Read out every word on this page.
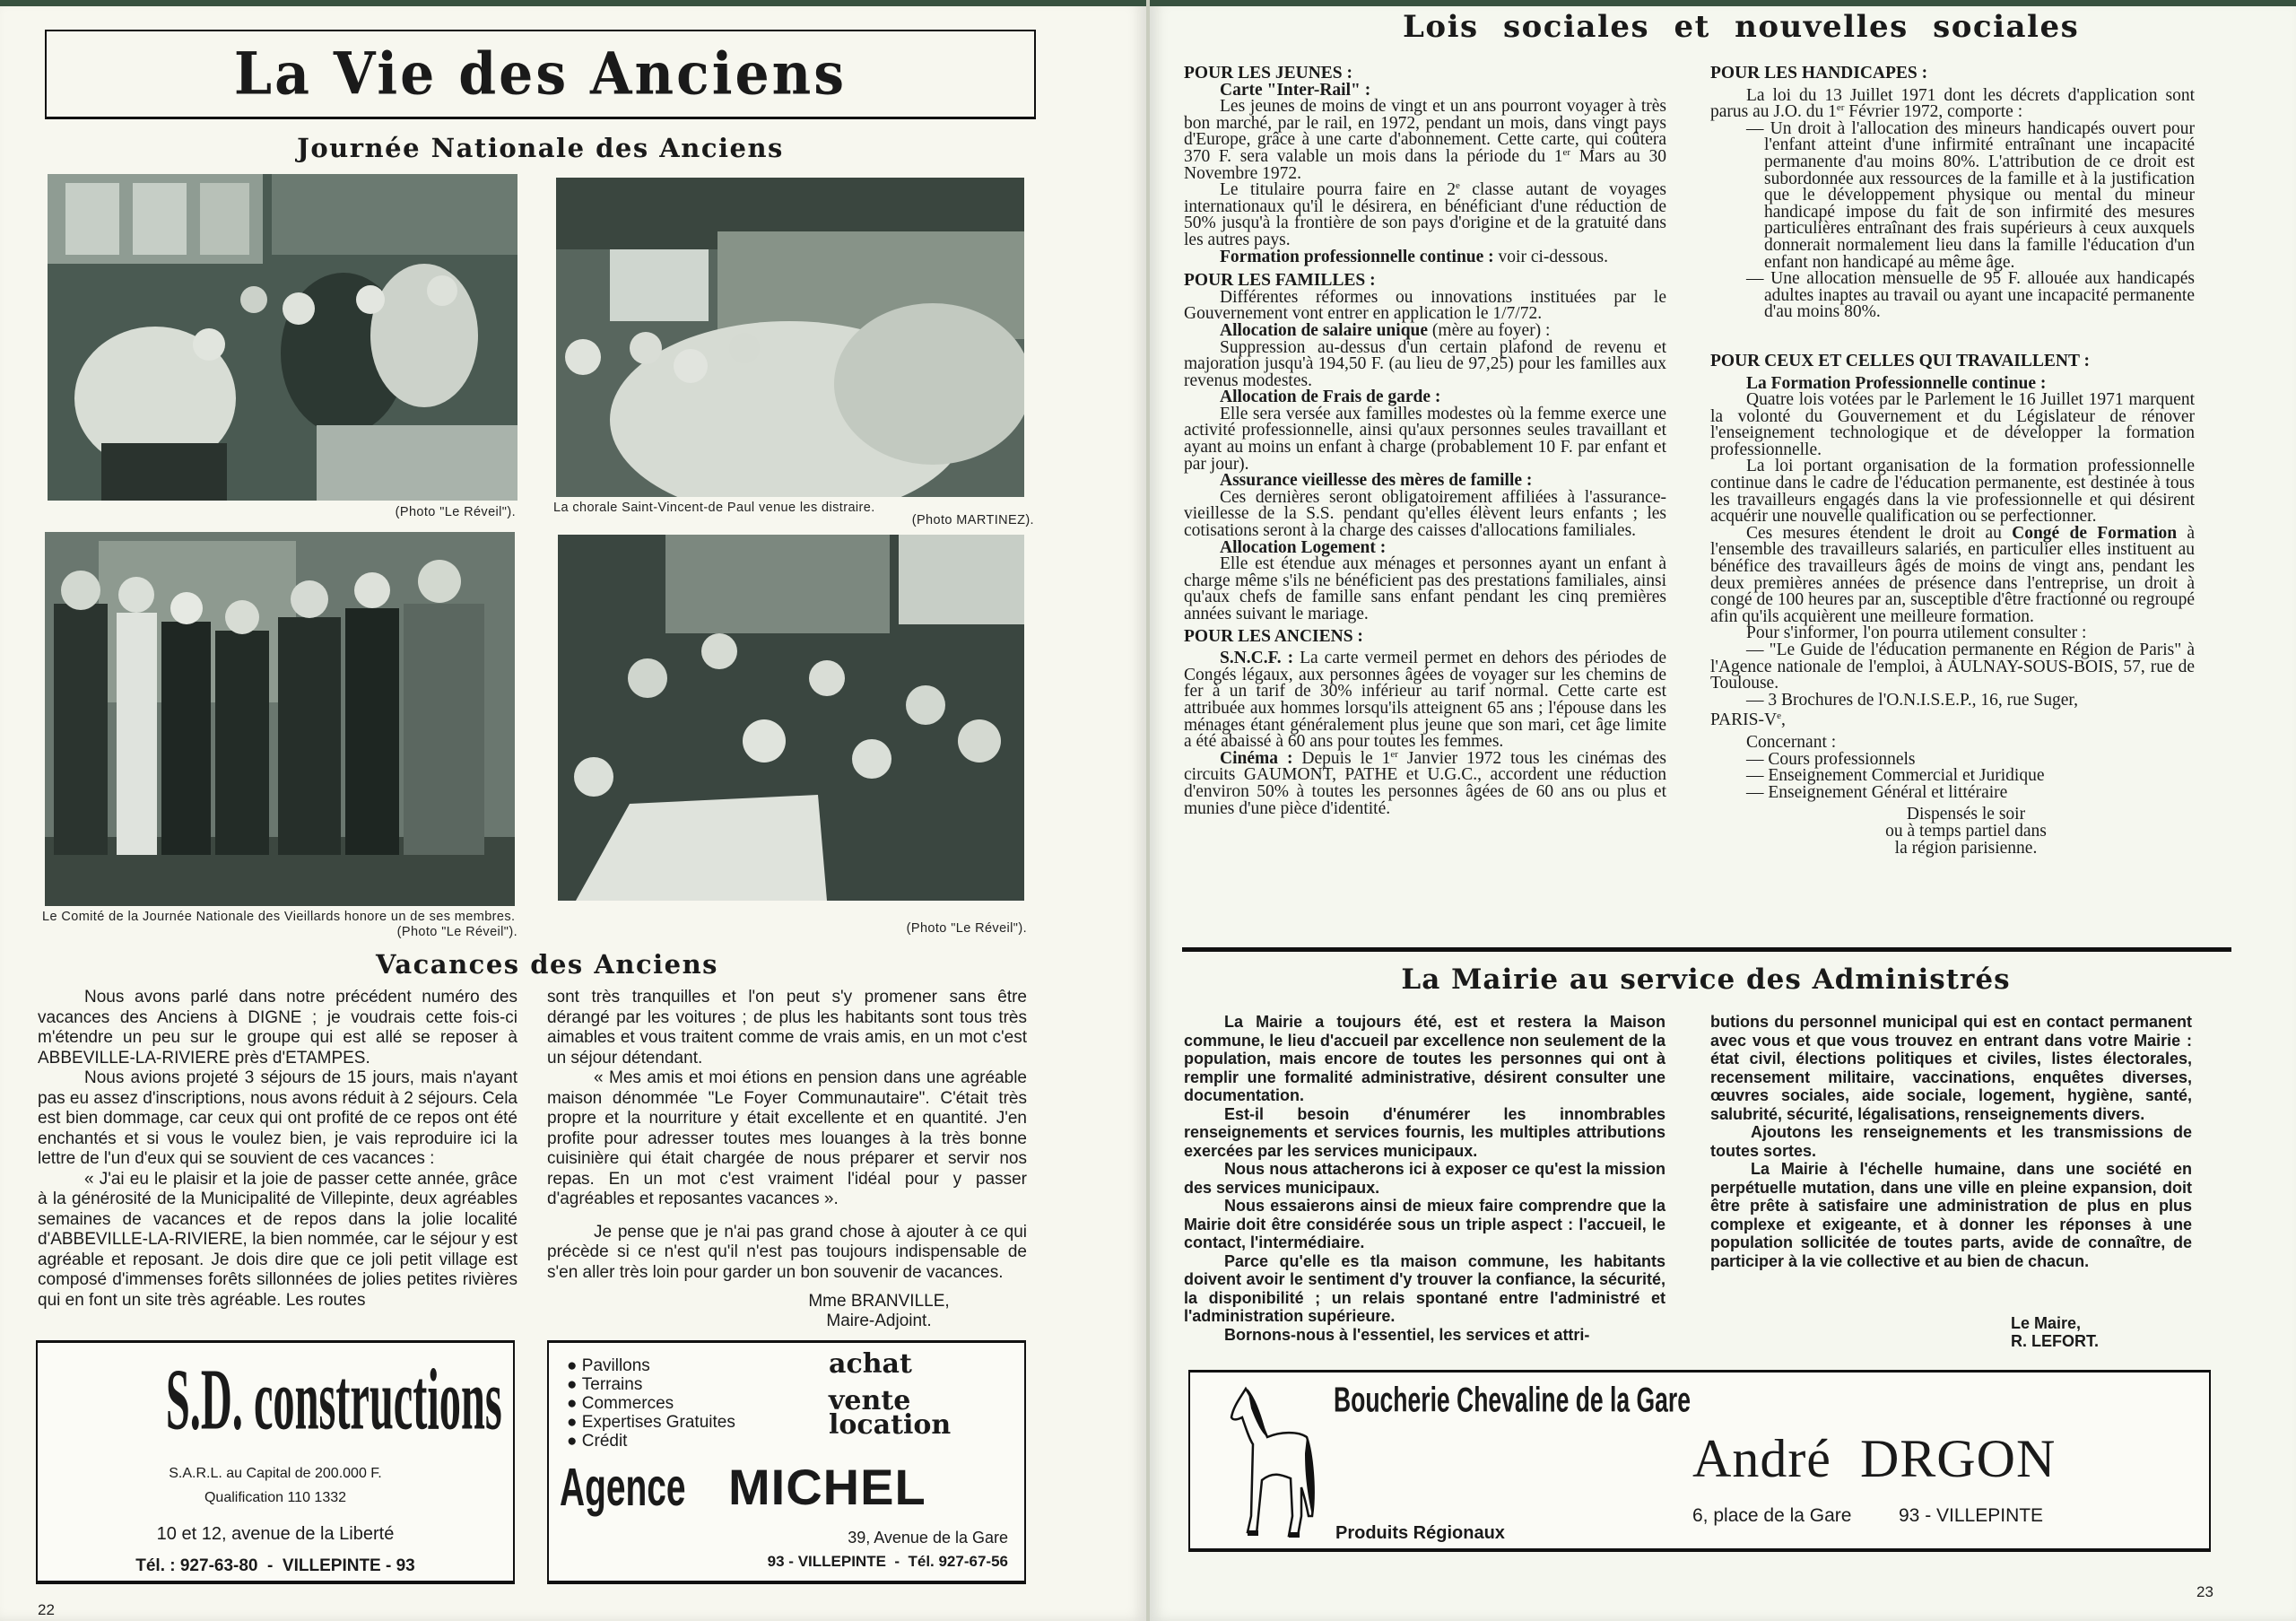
La Vie des Anciens
Journée Nationale des Anciens
(Photo "Le Réveil").	La chorale Saint-Vincent-de Paul venue les distraire.
(Photo MARTINEZ).
Le Comité de la Journée Nationale des Vieillards honore un de ses membres.
(Photo "Le Réveil").	(Photo "Le Réveil").
Vacances des Anciens

Nous avons parlé dans notre précédent numéro des vacances des Anciens à DIGNE ; je voudrais cette fois-ci m'étendre un peu sur le groupe qui est allé se reposer à ABBEVILLE-LA-RIVIERE près d'ETAMPES.

Nous avions projeté 3 séjours de 15 jours, mais n'ayant pas eu assez d'inscriptions, nous avons réduit à 2 séjours. Cela est bien dommage, car ceux qui ont profité de ce repos ont été enchantés et si vous le voulez bien, je vais reproduire ici la lettre de l'un d'eux qui se souvient de ces vacances :

« J'ai eu le plaisir et la joie de passer cette année, grâce à la générosité de la Municipalité de Villepinte, deux agréables semaines de vacances et de repos dans la jolie localité d'ABBEVILLE-LA-RIVIERE, la bien nommée, car le séjour y est agréable et reposant. Je dois dire que ce joli petit village est composé d'immenses forêts sillonnées de jolies petites rivières qui en font un site très agréable. Les routes

sont très tranquilles et l'on peut s'y promener sans être dérangé par les voitures ; de plus les habitants sont tous très aimables et vous traitent comme de vrais amis, en un mot c'est un séjour détendant.

« Mes amis et moi étions en pension dans une agréable maison dénommée "Le Foyer Communautaire". C'était très propre et la nourriture y était excellente et en quantité. J'en profite pour adresser toutes mes louanges à la très bonne cuisinière qui était chargée de nous préparer et servir nos repas. En un mot c'est vraiment l'idéal pour y passer d'agréables et reposantes vacances ».

Je pense que je n'ai pas grand chose à ajouter à ce qui précède si ce n'est qu'il n'est pas toujours indispensable de s'en aller très loin pour garder un bon souvenir de vacances.

Mme BRANVILLE,
Maire-Adjoint.
S.D. constructions
S.A.R.L. au Capital de 200.000 F.
Qualification 110 1332
10 et 12, avenue de la Liberté
Tél. : 927-63-80  -  VILLEPINTE - 93
● Pavillons
● Terrains
● Commerces
● Expertises Gratuites
● Crédit
achat
vente
location
Agence MICHEL
39, Avenue de la Gare
93 - VILLEPINTE  -  Tél. 927-67-56
22
Lois sociales et nouvelles sociales

POUR LES JEUNES :

Carte "Inter-Rail" :

Les jeunes de moins de vingt et un ans pourront voyager à très bon marché, par le rail, en 1972, pendant un mois, dans vingt pays d'Europe, grâce à une carte d'abonnement. Cette carte, qui coûtera 370 F. sera valable un mois dans la période du 1er Mars au 30 Novembre 1972.

Le titulaire pourra faire en 2e classe autant de voyages internationaux qu'il le désirera, en bénéficiant d'une réduction de 50% jusqu'à la frontière de son pays d'origine et de la gratuité dans les autres pays.

Formation professionnelle continue : voir ci-dessous.

POUR LES FAMILLES :

Différentes réformes ou innovations instituées par le Gouvernement vont entrer en application le 1/7/72.

Allocation de salaire unique (mère au foyer) :

Suppression au-dessus d'un certain plafond de revenu et majoration jusqu'à 194,50 F. (au lieu de 97,25) pour les familles aux revenus modestes.

Allocation de Frais de garde :

Elle sera versée aux familles modestes où la femme exerce une activité professionnelle, ainsi qu'aux personnes seules travaillant et ayant au moins un enfant à charge (probablement 10 F. par enfant et par jour).

Assurance vieillesse des mères de famille :

Ces dernières seront obligatoirement affiliées à l'assurance-vieillesse de la S.S. pendant qu'elles élèvent leurs enfants ; les cotisations seront à la charge des caisses d'allocations familiales.

Allocation Logement :

Elle est étendue aux ménages et personnes ayant un enfant à charge même s'ils ne bénéficient pas des prestations familiales, ainsi qu'aux chefs de famille sans enfant pendant les cinq premières années suivant le mariage.

POUR LES ANCIENS :

S.N.C.F. : La carte vermeil permet en dehors des périodes de Congés légaux, aux personnes âgées de voyager sur les chemins de fer à un tarif de 30% inférieur au tarif normal. Cette carte est attribuée aux hommes lorsqu'ils atteignent 65 ans ; l'épouse dans les ménages étant généralement plus jeune que son mari, cet âge limite a été abaissé à 60 ans pour toutes les femmes.

Cinéma : Depuis le 1er Janvier 1972 tous les cinémas des circuits GAUMONT, PATHE et U.G.C., accordent une réduction d'environ 50% à toutes les personnes âgées de 60 ans ou plus et munies d'une pièce d'identité.

POUR LES HANDICAPES :

La loi du 13 Juillet 1971 dont les décrets d'application sont parus au J.O. du 1er Février 1972, comporte :

— Un droit à l'allocation des mineurs handicapés ouvert pour l'enfant atteint d'une infirmité entraînant une incapacité permanente d'au moins 80%. L'attribution de ce droit est subordonnée aux ressources de la famille et à la justification que le développement physique ou mental du mineur handicapé impose du fait de son infirmité des mesures particulières entraînant des frais supérieurs à ceux auxquels donnerait normalement lieu dans la famille l'éducation d'un enfant non handicapé au même âge.

— Une allocation mensuelle de 95 F. allouée aux handicapés adultes inaptes au travail ou ayant une incapacité permanente d'au moins 80%.

POUR CEUX ET CELLES QUI TRAVAILLENT :

La Formation Professionnelle continue :

Quatre lois votées par le Parlement le 16 Juillet 1971 marquent la volonté du Gouvernement et du Législateur de rénover l'enseignement technologique et de développer la formation professionnelle.

La loi portant organisation de la formation professionnelle continue dans le cadre de l'éducation permanente, est destinée à tous les travailleurs engagés dans la vie professionnelle et qui désirent acquérir une nouvelle qualification ou se perfectionner.

Ces mesures étendent le droit au Congé de Formation à l'ensemble des travailleurs salariés, en particulier elles instituent au bénéfice des travailleurs âgés de moins de vingt ans, pendant les deux premières années de présence dans l'entreprise, un droit à congé de 100 heures par an, susceptible d'être fractionné ou regroupé afin qu'ils acquièrent une meilleure formation.

Pour s'informer, l'on pourra utilement consulter :

— "Le Guide de l'éducation permanente en Région de Paris" à l'Agence nationale de l'emploi, à AULNAY-SOUS-BOIS, 57, rue de Toulouse.

— 3 Brochures de l'O.N.I.S.E.P., 16, rue Suger,

PARIS-Ve,

Concernant :

— Cours professionnels

— Enseignement Commercial et Juridique

— Enseignement Général et littéraire

Dispensés le soir

ou à temps partiel dans

la région parisienne.

La Mairie au service des Administrés

La Mairie a toujours été, est et restera la Maison commune, le lieu d'accueil par excellence non seulement de la population, mais encore de toutes les personnes qui ont à remplir une formalité administrative, désirent consulter une documentation.

Est-il besoin d'énumérer les innombrables renseignements et services fournis, les multiples attributions exercées par les services municipaux.

Nous nous attacherons ici à exposer ce qu'est la mission des services municipaux.

Nous essaierons ainsi de mieux faire comprendre que la Mairie doit être considérée sous un triple aspect : l'accueil, le contact, l'intermédiaire.

Parce qu'elle es tla maison commune, les habitants doivent avoir le sentiment d'y trouver la confiance, la sécurité, la disponibilité ; un relais spontané entre l'administré et l'administration supérieure.

Bornons-nous à l'essentiel, les services et attri-

butions du personnel municipal qui est en contact permanent avec vous et que vous trouvez en entrant dans votre Mairie : état civil, élections politiques et civiles, listes électorales, recensement militaire, vaccinations, enquêtes diverses, œuvres sociales, aide sociale, logement, hygiène, santé, salubrité, sécurité, légalisations, renseignements divers.

Ajoutons les renseignements et les transmissions de toutes sortes.

La Mairie à l'échelle humaine, dans une société en perpétuelle mutation, dans une ville en pleine expansion, doit être prête à satisfaire une administration de plus en plus complexe et exigeante, et à donner les réponses à une population sollicitée de toutes parts, avide de connaître, de participer à la vie collective et au bien de chacun.

Le Maire,
R. LEFORT.
Boucherie Chevaline de la Gare
André  DRGON
6, place de la Gare	93 - VILLEPINTE
Produits Régionaux
23
